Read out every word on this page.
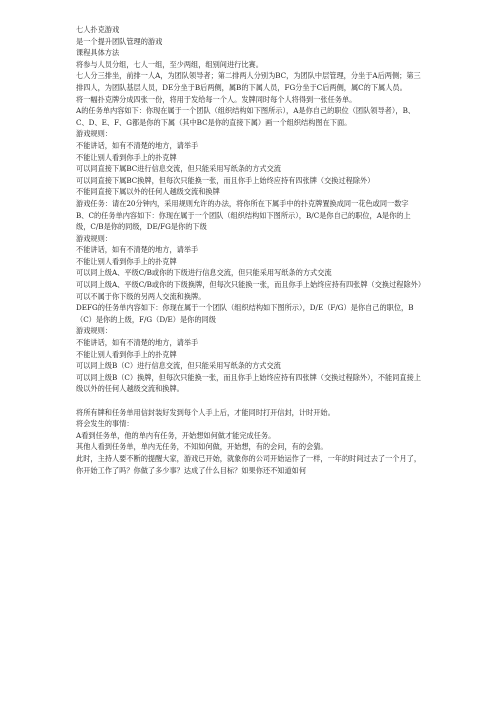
七人扑克游戏

是一个提升团队管理的游戏

课程具体方法

将参与人员分组，七人一组，至少两组，组别间进行比赛。

七人分三排坐，前排一人A，为团队领导者；第二排两人分别为BC，为团队中层管理，分坐于A后两侧；第三排四人，为团队基层人员，DE分坐于B后两侧，属B的下属人员，FG分坐于C后两侧，属C的下属人员。

将一幅扑克牌分成四张一份，将用于发给每一个人。发牌同时每个人将得到一张任务单。

A的任务单内容如下：你现在属于一个团队（组织结构如下图所示），A是你自己的职位（团队领导者），B、C、D、E、F、G都是你的下属（其中BC是你的直接下属）画一个组织结构图在下面。

游戏规则：

不能讲话，如有不清楚的地方，请举手

不能让别人看到你手上的扑克牌

可以同直接下属BC进行信息交流，但只能采用写纸条的方式交流

可以同直接下属BC换牌，但每次只能换一张，而且你手上始终应持有四张牌（交换过程除外）

不能同直接下属以外的任何人越级交流和换牌

游戏任务：请在20分钟内，采用规则允许的办法，将你所在下属手中的扑克牌置换成同一花色或同一数字

B、C的任务单内容如下：你现在属于一个团队（组织结构如下图所示），B/C是你自己的职位，A是你的上级，C/B是你的同级，DE/FG是你的下级

游戏规则：

不能讲话，如有不清楚的地方，请举手

不能让别人看到你手上的扑克牌

可以同上级A、平级C/B或你的下级进行信息交流，但只能采用写纸条的方式交流

可以同上级A、平级C/B或你的下级换牌，但每次只能换一张，而且你手上始终应持有四张牌（交换过程除外）

可以不属于你下级的另两人交流和换牌。

DEFG的任务单内容如下：你现在属于一个团队（组织结构如下图所示），D/E（F/G）是你自己的职位，B（C）是你的上级，F/G（D/E）是你的同级

游戏规则：

不能讲话，如有不清楚的地方，请举手

不能让别人看到你手上的扑克牌

可以同上级B（C）进行信息交流，但只能采用写纸条的方式交流

可以同上级B（C）换牌，但每次只能换一张，而且你手上始终应持有四张牌（交换过程除外），不能同直接上级以外的任何人越级交流和换牌。

将所有牌和任务单用信封装好发到每个人手上后，才能同时打开信封，计时开始。

将会发生的事情：

A看到任务单，他的单内有任务，开始想如何做才能完成任务。

其他人看到任务单，单内无任务，不知如何做，开始想，有的会问，有的会猜。

此时，主持人要不断的提醒大家，游戏已开始，就象你的公司开始运作了一样，一年的时间过去了一个月了，你开始工作了吗？你做了多少事？达成了什么目标？如果你还不知道如何
